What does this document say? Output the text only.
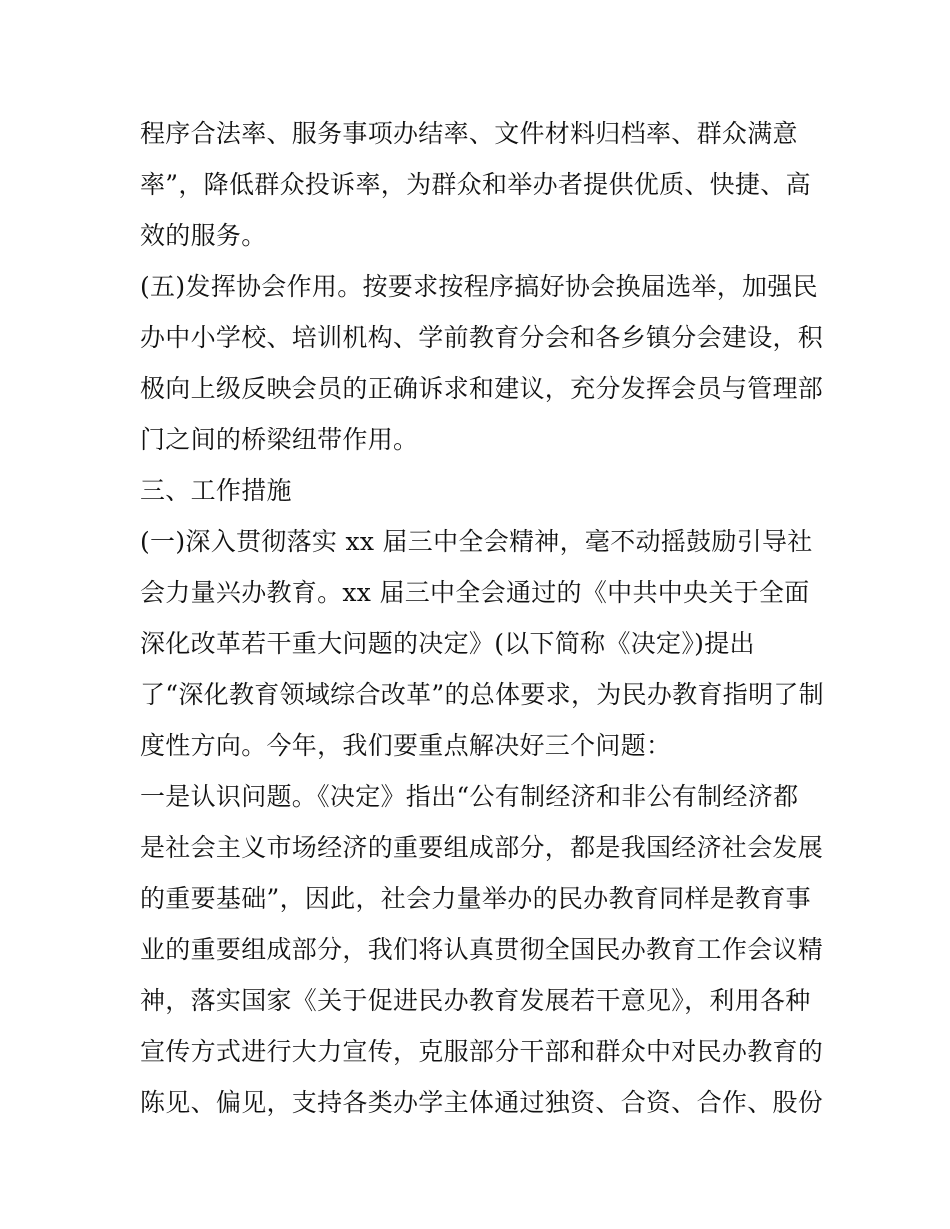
程序合法率、服务事项办结率、文件材料归档率、群众满意
率”，降低群众投诉率，为群众和举办者提供优质、快捷、高
效的服务。
(五)发挥协会作用。按要求按程序搞好协会换届选举，加强民
办中小学校、培训机构、学前教育分会和各乡镇分会建设，积
极向上级反映会员的正确诉求和建议，充分发挥会员与管理部
门之间的桥梁纽带作用。
三、工作措施
(一)深入贯彻落实 xx 届三中全会精神，毫不动摇鼓励引导社
会力量兴办教育。xx 届三中全会通过的《中共中央关于全面
深化改革若干重大问题的决定》(以下简称《决定》)提出
了“深化教育领域综合改革”的总体要求，为民办教育指明了制
度性方向。今年，我们要重点解决好三个问题：
一是认识问题。《决定》指出“公有制经济和非公有制经济都
是社会主义市场经济的重要组成部分，都是我国经济社会发展
的重要基础”，因此，社会力量举办的民办教育同样是教育事
业的重要组成部分，我们将认真贯彻全国民办教育工作会议精
神，落实国家《关于促进民办教育发展若干意见》，利用各种
宣传方式进行大力宣传，克服部分干部和群众中对民办教育的
陈见、偏见，支持各类办学主体通过独资、合资、合作、股份
